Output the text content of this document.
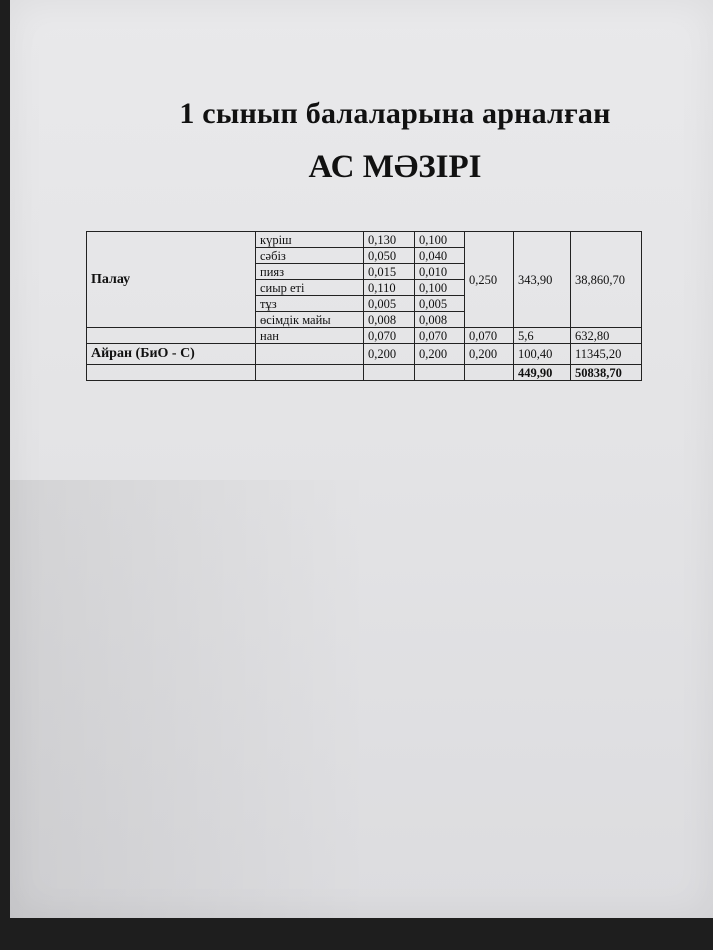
1 сынып балаларына арналған
АС МӘЗІРІ
Палау	күріш	0,130	0,100	0,250	343,90	38,860,70
	сәбіз	0,050	0,040			
	пияз	0,015	0,010			
	сиыр еті	0,110	0,100			
	тұз	0,005	0,005			
	өсімдік майы	0,008	0,008			
	нан	0,070	0,070	0,070	5,6	632,80
Айран (БиО - С)		0,200	0,200	0,200	100,40	11345,20
					449,90	50838,70
